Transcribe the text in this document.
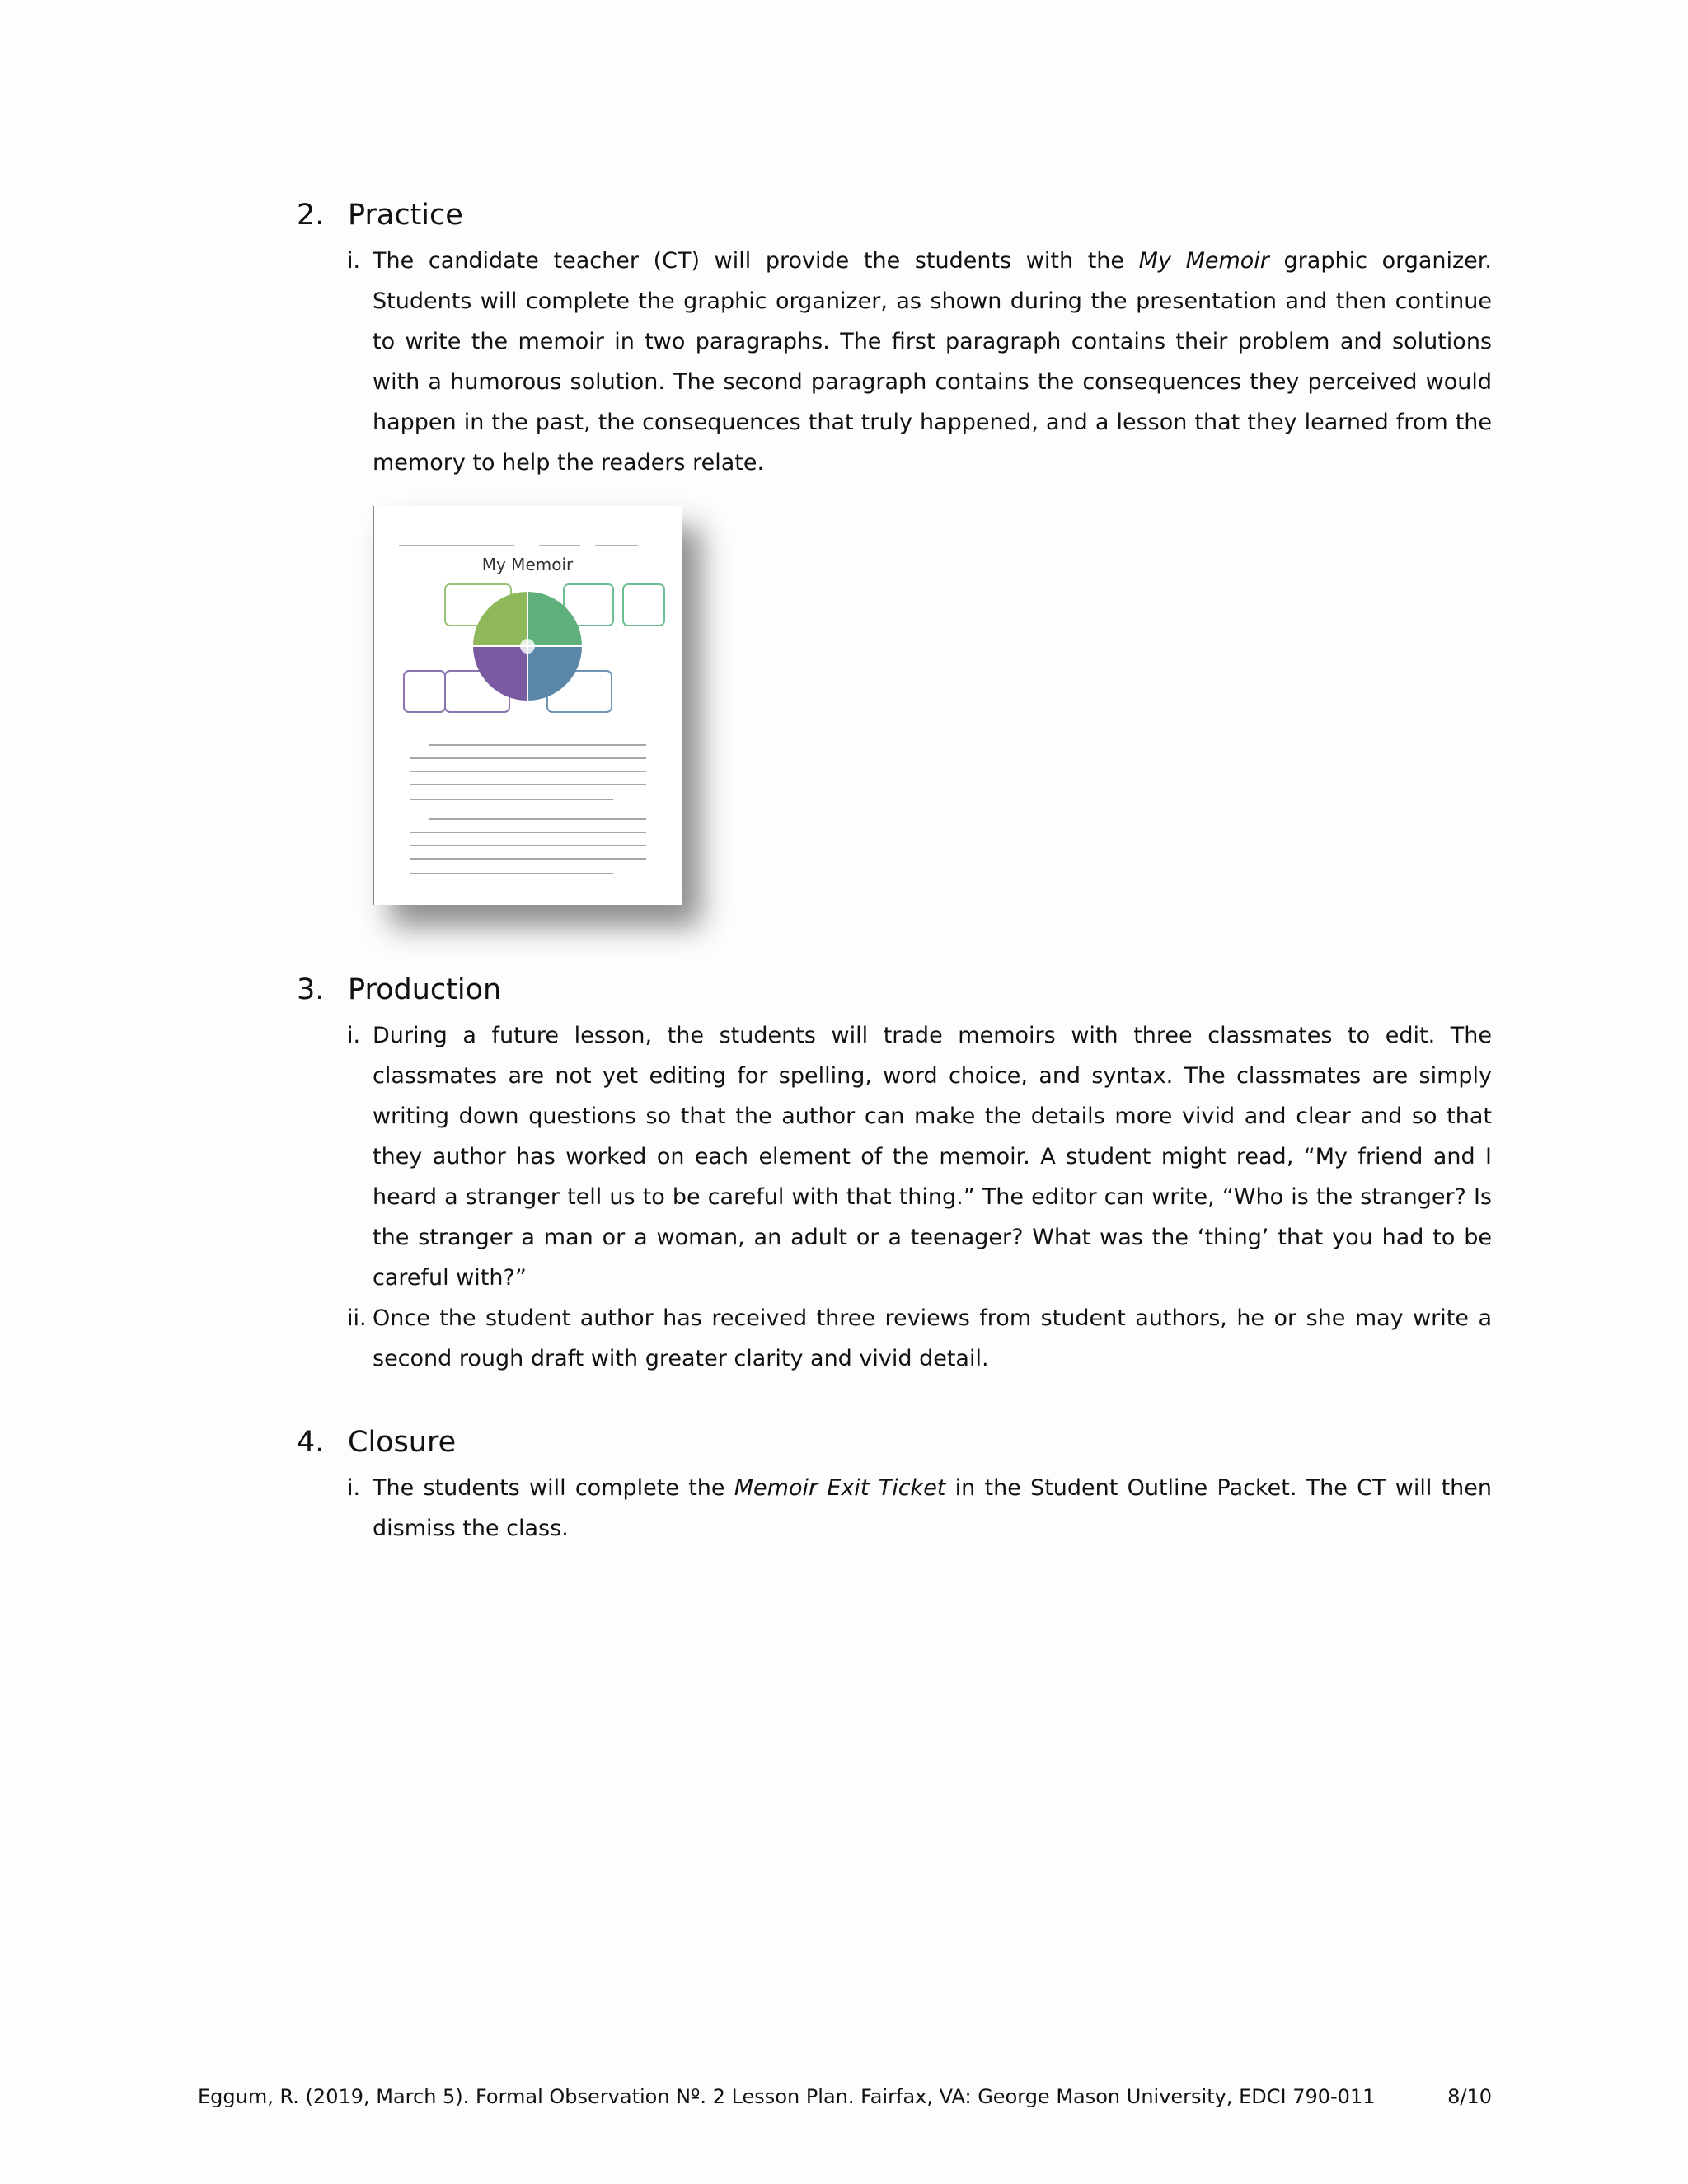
2. Practice
i. The candidate teacher (CT) will provide the students with the My Memoir graphic organizer. Students will complete the graphic organizer, as shown during the presentation and then continue to write the memoir in two paragraphs. The first paragraph contains their problem and solutions with a humorous solution. The second paragraph contains the consequences they perceived would happen in the past, the consequences that truly happened, and a lesson that they learned from the memory to help the readers relate.
My Memoir
3. Production
i. During a future lesson, the students will trade memoirs with three classmates to edit. The classmates are not yet editing for spelling, word choice, and syntax. The classmates are simply writing down questions so that the author can make the details more vivid and clear and so that they author has worked on each element of the memoir. A student might read, “My friend and I heard a stranger tell us to be careful with that thing.” The editor can write, “Who is the stranger? Is the stranger a man or a woman, an adult or a teenager? What was the ‘thing’ that you had to be careful with?”
ii. Once the student author has received three reviews from student authors, he or she may write a second rough draft with greater clarity and vivid detail.
4. Closure
i. The students will complete the Memoir Exit Ticket in the Student Outline Packet. The CT will then dismiss the class.
Eggum, R. (2019, March 5). Formal Observation Nº. 2 Lesson Plan. Fairfax, VA: George Mason University, EDCI 790-011	8/10
